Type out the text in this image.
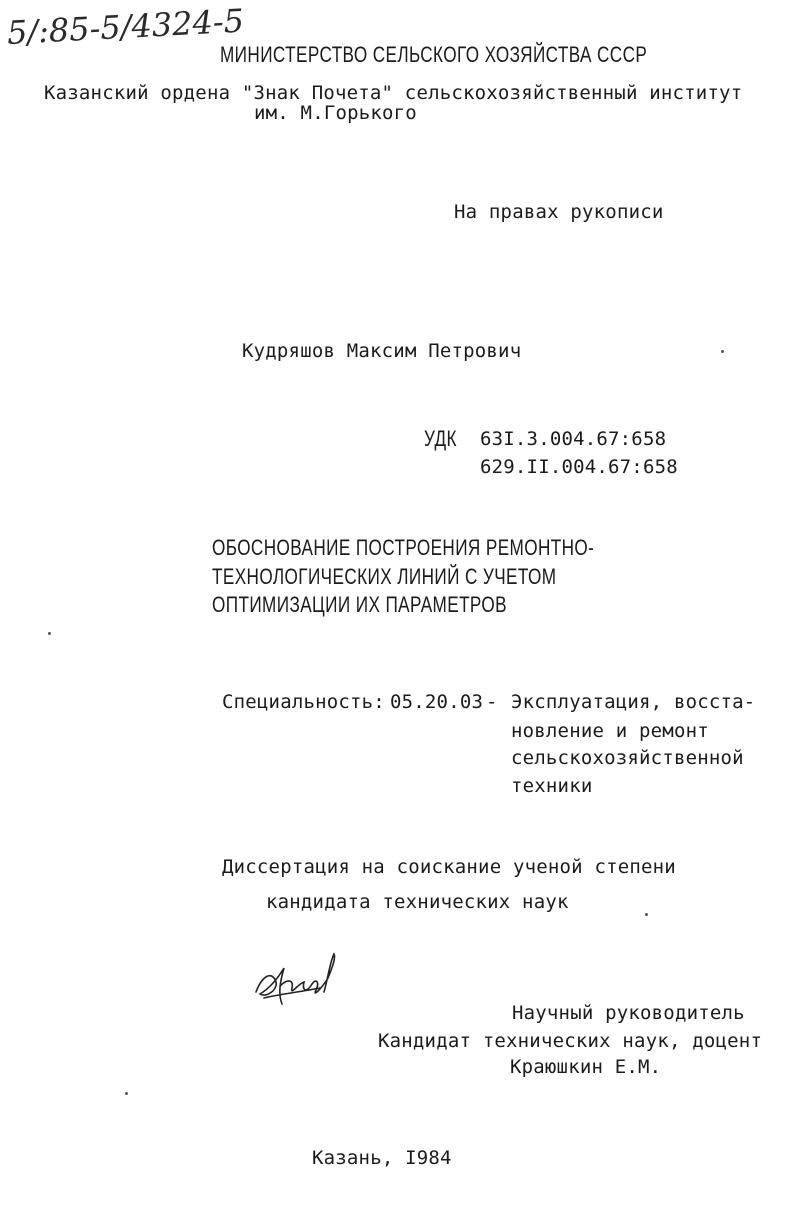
5/:85-5/4324-5
МИНИСТЕРСТВО СЕЛЬСКОГО ХОЗЯЙСТВА СССР
Казанский ордена "Знак Почета" сельскохозяйственный институт
им. М.Горького
На правах рукописи
Кудряшов Максим Петрович
УДК 63I.3.004.67:658
629.II.004.67:658
ОБОСНОВАНИЕ ПОСТРОЕНИЯ РЕМОНТНО-
ТЕХНОЛОГИЧЕСКИХ ЛИНИЙ С УЧЕТОМ
ОПТИМИЗАЦИИ ИХ ПАРАМЕТРОВ
Специальность: 05.20.03 - Эксплуатация, восста-
новление и ремонт
сельскохозяйственной
техники
Диссертация на соискание ученой степени
кандидата технических наук
Научный руководитель
Кандидат технических наук, доцент
Краюшкин Е.М.
Казань, I984
